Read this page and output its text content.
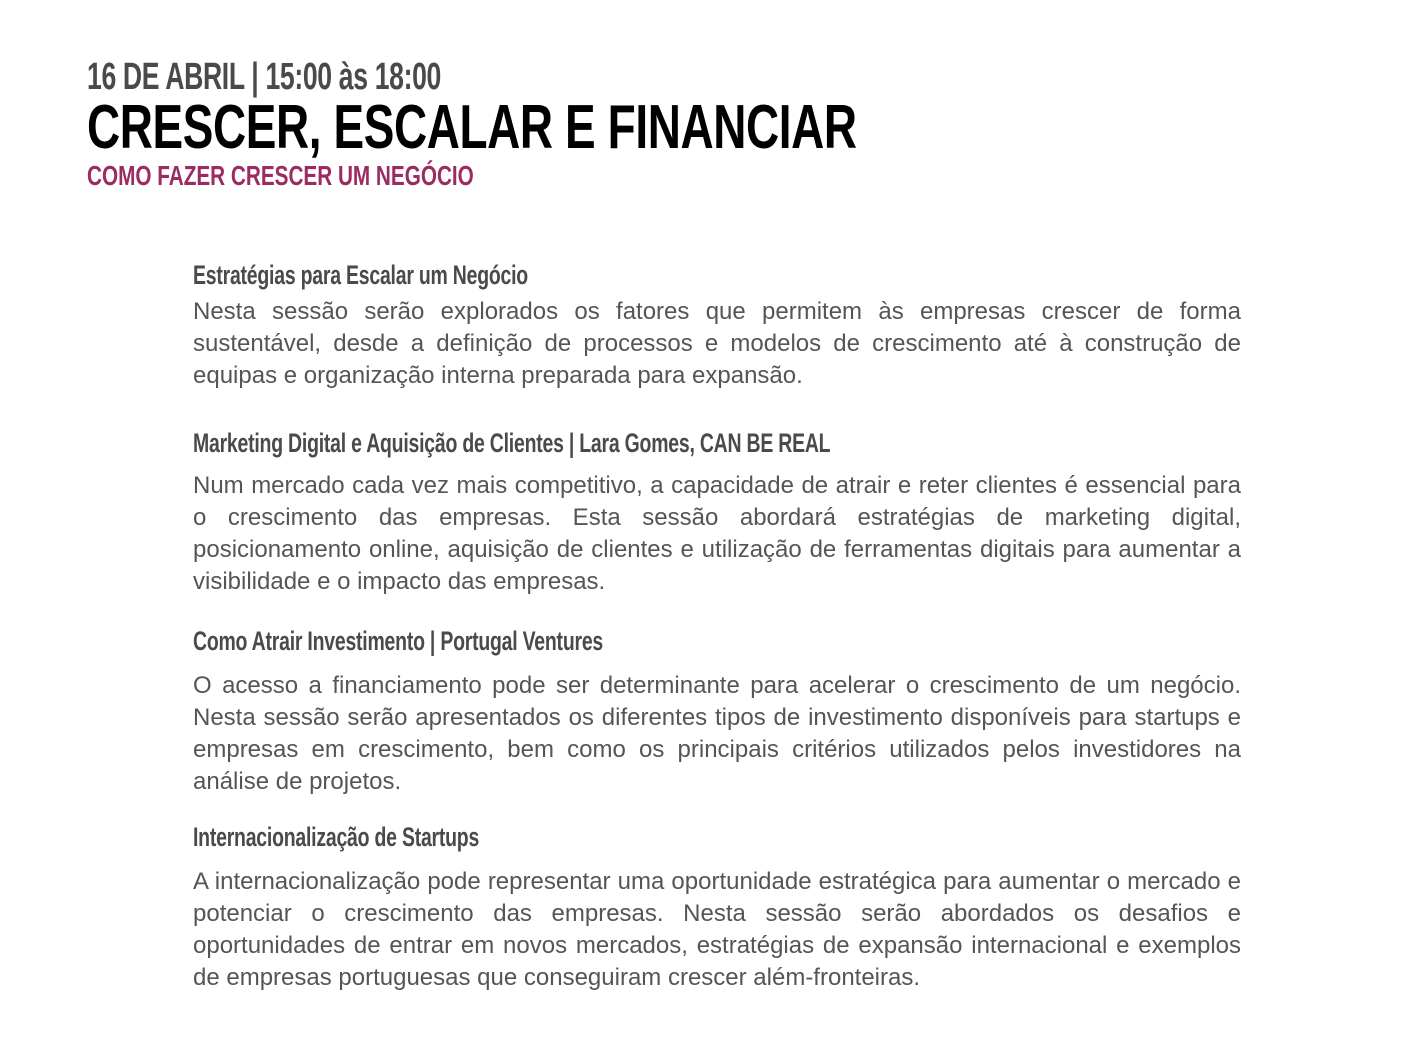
16 DE ABRIL | 15:00 às 18:00
CRESCER, ESCALAR E FINANCIAR
COMO FAZER CRESCER UM NEGÓCIO
Estratégias para Escalar um Negócio

Nesta sessão serão explorados os fatores que permitem às empresas crescer de forma sustentável, desde a definição de processos e modelos de crescimento até à construção de equipas e organização interna preparada para expansão.

Marketing Digital e Aquisição de Clientes | Lara Gomes, CAN BE REAL

Num mercado cada vez mais competitivo, a capacidade de atrair e reter clientes é essencial para o crescimento das empresas. Esta sessão abordará estratégias de marketing digital, posicionamento online, aquisição de clientes e utilização de ferramentas digitais para aumentar a visibilidade e o impacto das empresas.

Como Atrair Investimento | Portugal Ventures

O acesso a financiamento pode ser determinante para acelerar o crescimento de um negócio. Nesta sessão serão apresentados os diferentes tipos de investimento disponíveis para startups e empresas em crescimento, bem como os principais critérios utilizados pelos investidores na análise de projetos.

Internacionalização de Startups

A internacionalização pode representar uma oportunidade estratégica para aumentar o mercado e potenciar o crescimento das empresas. Nesta sessão serão abordados os desafios e oportunidades de entrar em novos mercados, estratégias de expansão internacional e exemplos de empresas portuguesas que conseguiram crescer além-fronteiras.
